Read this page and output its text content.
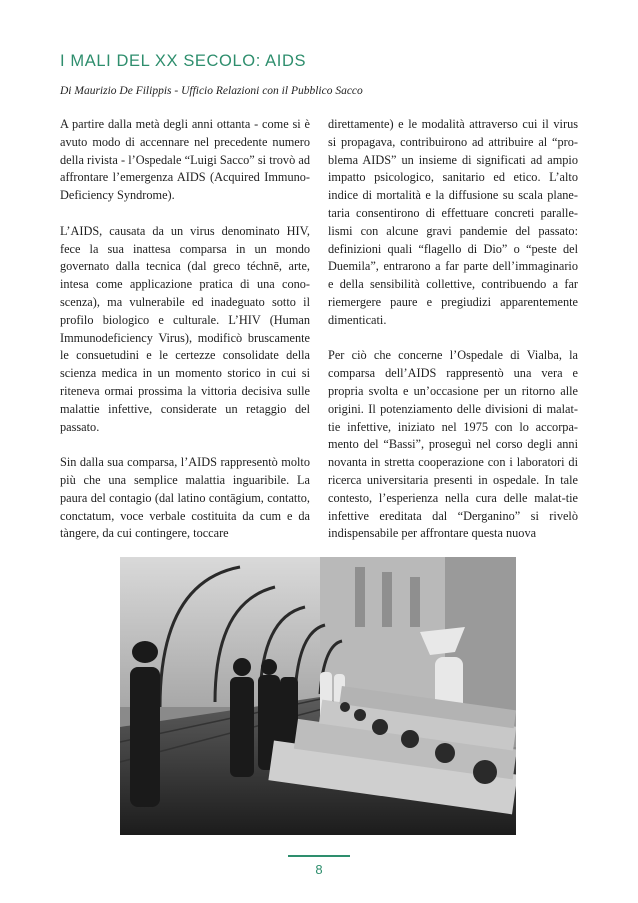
I MALI DEL XX SECOLO: AIDS
Di Maurizio De Filippis - Ufficio Relazioni con il Pubblico Sacco

A partire dalla metà degli anni ottanta - come si è avuto modo di accennare nel precedente numero della rivista - l’Ospedale “Luigi Sacco” si trovò ad affrontare l’emergenza AIDS (Acquired Immuno-Deficiency Syndrome).

L’AIDS, causata da un virus denominato HIV, fece la sua inattesa comparsa in un mondo governato dalla tecnica (dal greco téchnē, arte, intesa come applicazione pratica di una cono-scenza), ma vulnerabile ed inadeguato sotto il profilo biologico e culturale. L’HIV (Human Immunodeficiency Virus), modificò bruscamente le consuetudini e le certezze consolidate della scienza medica in un momento storico in cui si riteneva ormai prossima la vittoria decisiva sulle malattie infettive, considerate un retaggio del passato.

Sin dalla sua comparsa, l’AIDS rappresentò molto più che una semplice malattia inguaribile. La paura del contagio (dal latino contāgium, contatto, conctatum, voce verbale costituita da cum e da tàngere, da cui contingere, toccare

direttamente) e le modalità attraverso cui il virus si propagava, contribuirono ad attribuire al “pro-blema AIDS” un insieme di significati ad ampio impatto psicologico, sanitario ed etico. L’alto indice di mortalità e la diffusione su scala plane-taria consentirono di effettuare concreti paralle-lismi con alcune gravi pandemie del passato: definizioni quali “flagello di Dio” o “peste del Duemila”, entrarono a far parte dell’immaginario e della sensibilità collettive, contribuendo a far riemergere paure e pregiudizi apparentemente dimenticati.

Per ciò che concerne l’Ospedale di Vialba, la comparsa dell’AIDS rappresentò una vera e propria svolta e un’occasione per un ritorno alle origini. Il potenziamento delle divisioni di malat-tie infettive, iniziato nel 1975 con lo accorpa-mento del “Bassi”, proseguì nel corso degli anni novanta in stretta cooperazione con i laboratori di ricerca universitaria presenti in ospedale. In tale contesto, l’esperienza nella cura delle malat-tie infettive ereditata dal “Derganino” si rivelò indispensabile per affrontare questa nuova

8
